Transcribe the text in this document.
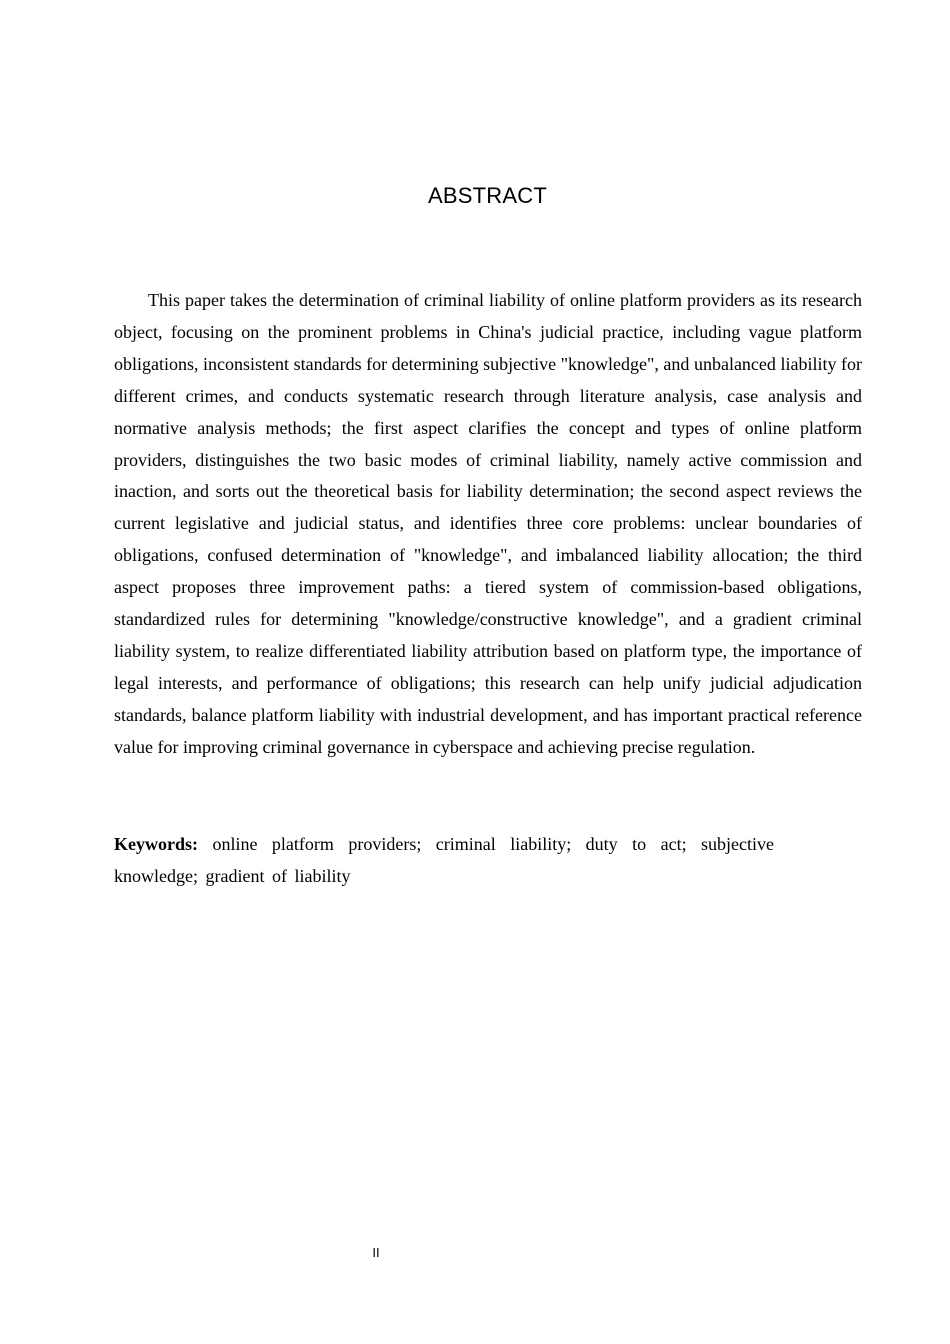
ABSTRACT

This paper takes the determination of criminal liability of online platform providers as its research object, focusing on the prominent problems in China's judicial practice, including vague platform obligations, inconsistent standards for determining subjective "knowledge", and unbalanced liability for different crimes, and conducts systematic research through literature analysis, case analysis and normative analysis methods; the first aspect clarifies the concept and types of online platform providers, distinguishes the two basic modes of criminal liability, namely active commission and inaction, and sorts out the theoretical basis for liability determination; the second aspect reviews the current legislative and judicial status, and identifies three core problems: unclear boundaries of obligations, confused determination of "knowledge", and imbalanced liability allocation; the third aspect proposes three improvement paths: a tiered system of commission-based obligations, standardized rules for determining "knowledge/constructive knowledge", and a gradient criminal liability system, to realize differentiated liability attribution based on platform type, the importance of legal interests, and performance of obligations; this research can help unify judicial adjudication standards, balance platform liability with industrial development, and has important practical reference value for improving criminal governance in cyberspace and achieving precise regulation.

Keywords: online platform providers; criminal liability; duty to act; subjective knowledge; gradient of liability

II
